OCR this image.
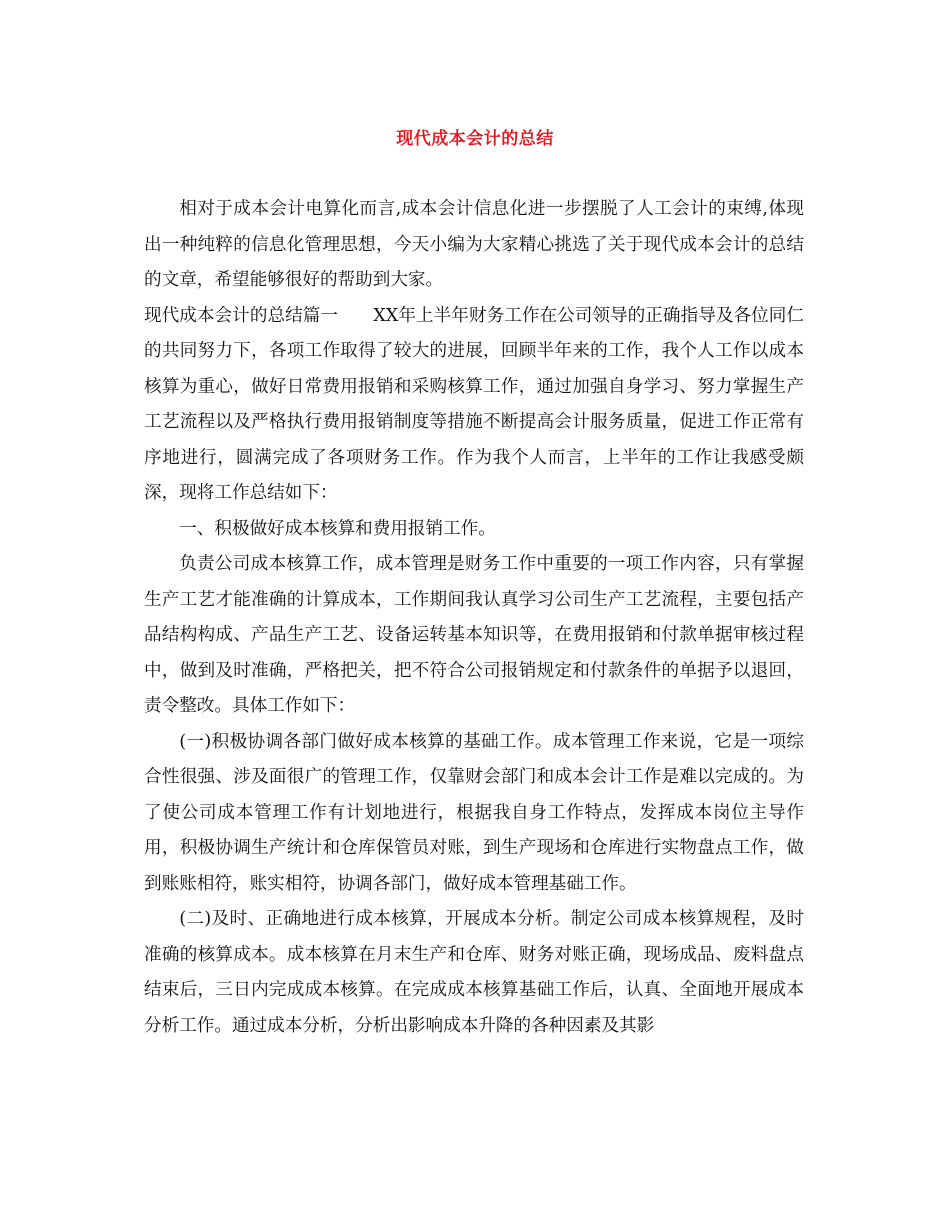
现代成本会计的总结

相对于成本会计电算化而言,成本会计信息化进一步摆脱了人工会计的束缚,体现出一种纯粹的信息化管理思想，今天小编为大家精心挑选了关于现代成本会计的总结的文章，希望能够很好的帮助到大家。

现代成本会计的总结篇一　　XX年上半年财务工作在公司领导的正确指导及各位同仁的共同努力下，各项工作取得了较大的进展，回顾半年来的工作，我个人工作以成本核算为重心，做好日常费用报销和采购核算工作，通过加强自身学习、努力掌握生产工艺流程以及严格执行费用报销制度等措施不断提高会计服务质量，促进工作正常有序地进行，圆满完成了各项财务工作。作为我个人而言，上半年的工作让我感受颇深，现将工作总结如下：

一、积极做好成本核算和费用报销工作。

负责公司成本核算工作，成本管理是财务工作中重要的一项工作内容，只有掌握生产工艺才能准确的计算成本，工作期间我认真学习公司生产工艺流程，主要包括产品结构构成、产品生产工艺、设备运转基本知识等，在费用报销和付款单据审核过程中，做到及时准确，严格把关，把不符合公司报销规定和付款条件的单据予以退回，责令整改。具体工作如下：

(一)积极协调各部门做好成本核算的基础工作。成本管理工作来说，它是一项综合性很强、涉及面很广的管理工作，仅靠财会部门和成本会计工作是难以完成的。为了使公司成本管理工作有计划地进行，根据我自身工作特点，发挥成本岗位主导作用，积极协调生产统计和仓库保管员对账，到生产现场和仓库进行实物盘点工作，做到账账相符，账实相符，协调各部门，做好成本管理基础工作。

(二)及时、正确地进行成本核算，开展成本分析。制定公司成本核算规程，及时准确的核算成本。成本核算在月末生产和仓库、财务对账正确，现场成品、废料盘点结束后，三日内完成成本核算。在完成成本核算基础工作后，认真、全面地开展成本分析工作。通过成本分析，分析出影响成本升降的各种因素及其影
